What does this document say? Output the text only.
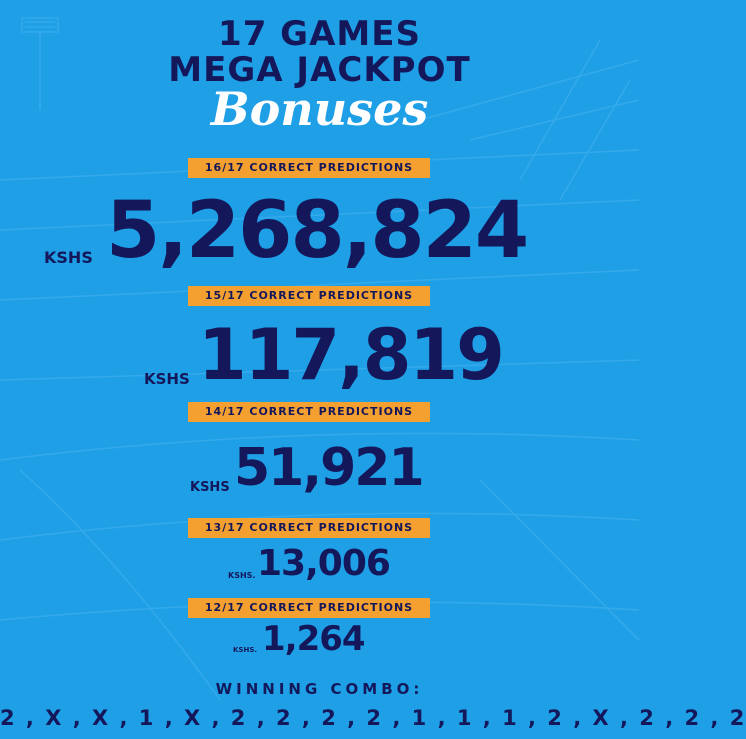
17 GAMES
MEGA JACKPOT
Bonuses
16/17 CORRECT PREDICTIONS
KSHS 5,268,824
15/17 CORRECT PREDICTIONS
KSHS 117,819
14/17 CORRECT PREDICTIONS
KSHS 51,921
13/17 CORRECT PREDICTIONS
KSHS. 13,006
12/17 CORRECT PREDICTIONS
KSHS. 1,264
WINNING COMBO:
2 , X , X , 1 , X , 2 , 2 , 2 , 2 , 1 , 1 , 1 , 2 , X , 2 , 2 , 2
